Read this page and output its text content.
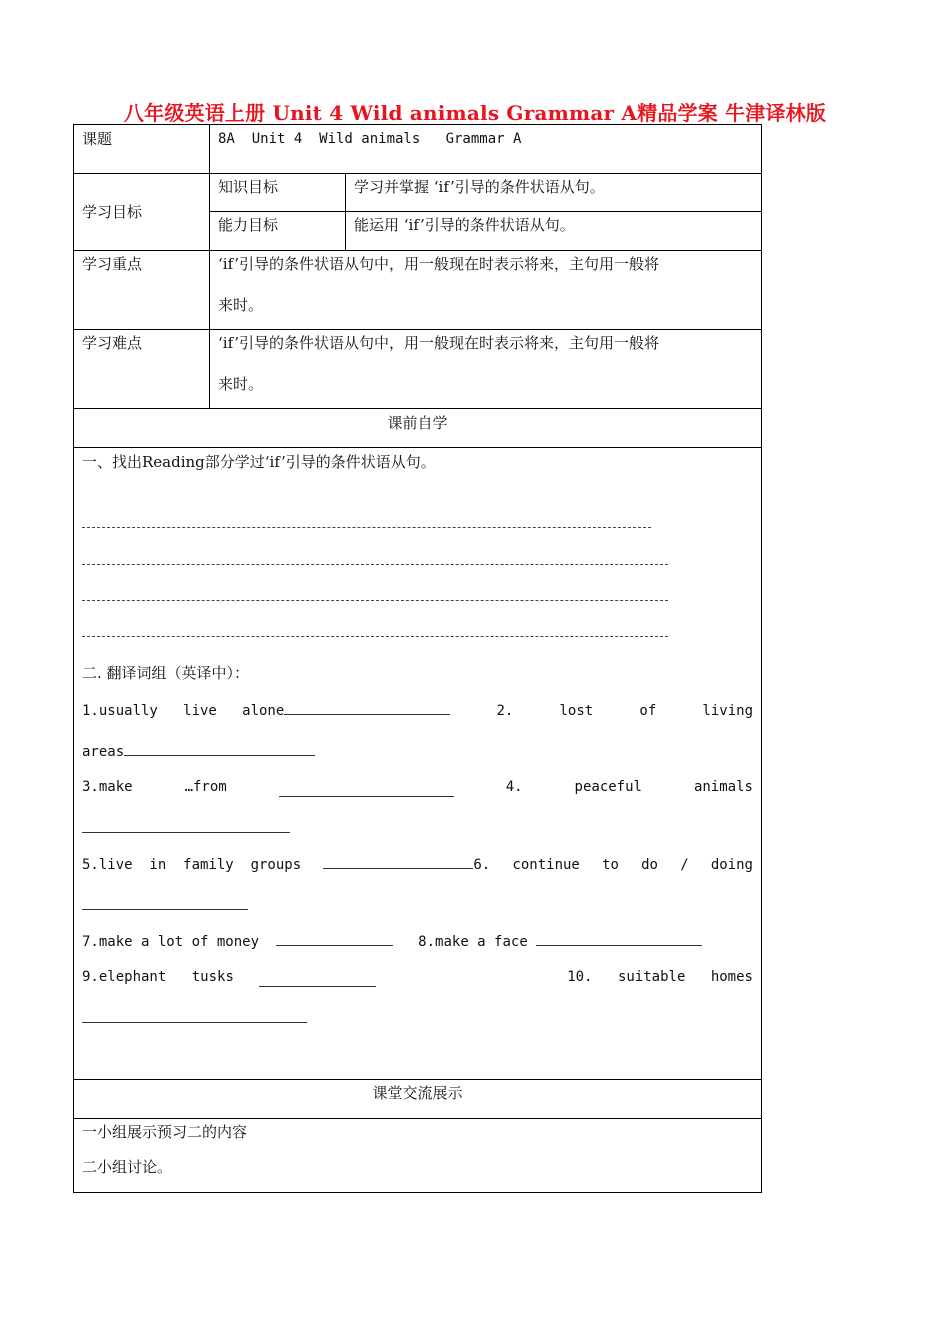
八年级英语上册 Unit 4 Wild animals Grammar A精品学案 牛津译林版
课题	8A  Unit 4  Wild animals   Grammar A
学习目标
知识目标	学习并掌握 ‘if’引导的条件状语从句。
能力目标	能运用 ‘if’引导的条件状语从句。
学习重点	‘if’引导的条件状语从句中，用一般现在时表示将来，主句用一般将
来时。
学习难点	‘if’引导的条件状语从句中，用一般现在时表示将来，主句用一般将
来时。
课前自学
一、找出Reading部分学过‘if’引导的条件状语从句。
二. 翻译词组（英译中）：
1.usually   live   alone	2.	lost	of	living
areas
3.make	…from	4.	peaceful	animals
5.live  in  family  groups	6. continue to do / doing
7.make a lot of money	8.make a face
9.elephant tusks	10. suitable homes
课堂交流展示
一小组展示预习二的内容
二小组讨论。
